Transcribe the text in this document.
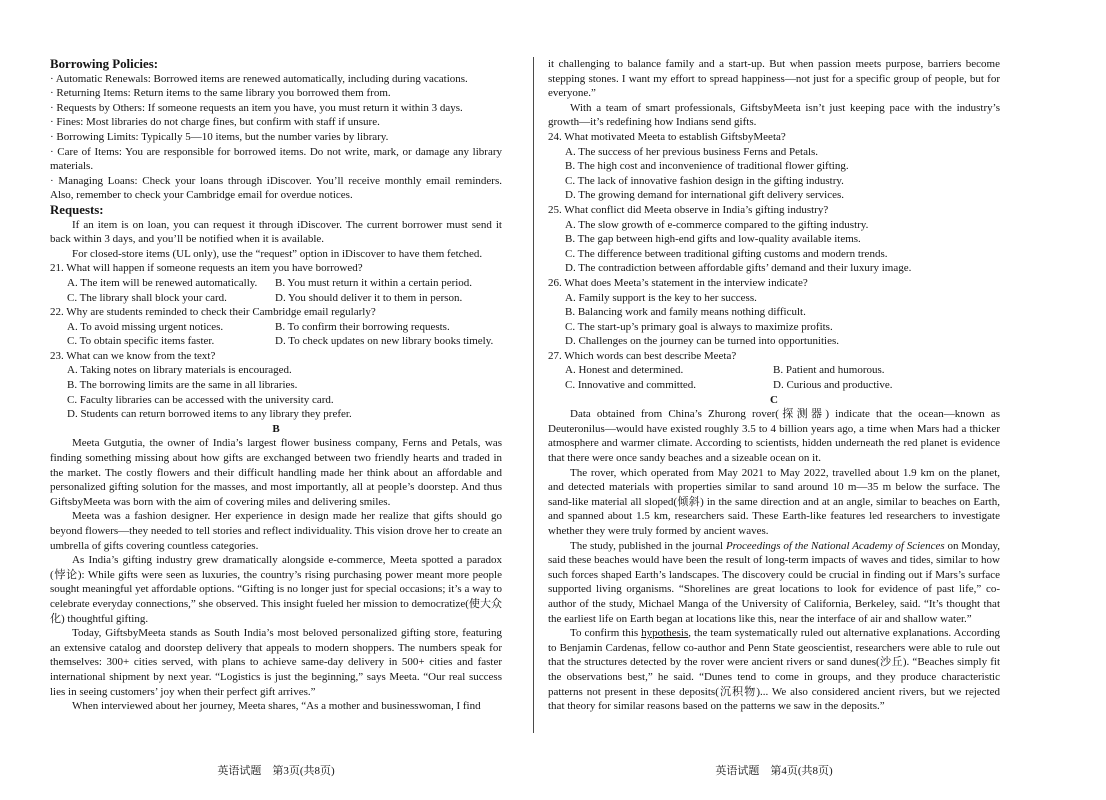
Borrowing Policies:

· Automatic Renewals: Borrowed items are renewed automatically, including during vacations.

· Returning Items: Return items to the same library you borrowed them from.

· Requests by Others: If someone requests an item you have, you must return it within 3 days.

· Fines: Most libraries do not charge fines, but confirm with staff if unsure.

· Borrowing Limits: Typically 5—10 items, but the number varies by library.

· Care of Items: You are responsible for borrowed items. Do not write, mark, or damage any library materials.

· Managing Loans: Check your loans through iDiscover. You’ll receive monthly email reminders. Also, remember to check your Cambridge email for overdue notices.

Requests:

If an item is on loan, you can request it through iDiscover. The current borrower must send it back within 3 days, and you’ll be notified when it is available.

For closed-store items (UL only), use the “request” option in iDiscover to have them fetched.

21. What will happen if someone requests an item you have borrowed?

A. The item will be renewed automatically.	B. You must return it within a certain period.
C. The library shall block your card.	D. You should deliver it to them in person.

22. Why are students reminded to check their Cambridge email regularly?

A. To avoid missing urgent notices.	B. To confirm their borrowing requests.
C. To obtain specific items faster.	D. To check updates on new library books timely.

23. What can we know from the text?

A. Taking notes on library materials is encouraged.
B. The borrowing limits are the same in all libraries.
C. Faculty libraries can be accessed with the university card.
D. Students can return borrowed items to any library they prefer.
B

Meeta Gutgutia, the owner of India’s largest flower business company, Ferns and Petals, was finding something missing about how gifts are exchanged between two friendly hearts and traded in the market. The costly flowers and their difficult handling made her think about an affordable and personalized gifting solution for the masses, and most importantly, all at people’s doorstep. And thus GiftsbyMeeta was born with the aim of covering miles and delivering smiles.

Meeta was a fashion designer. Her experience in design made her realize that gifts should go beyond flowers—they needed to tell stories and reflect individuality. This vision drove her to create an umbrella of gifts covering countless categories.

As India’s gifting industry grew dramatically alongside e-commerce, Meeta spotted a paradox (悖论): While gifts were seen as luxuries, the country’s rising purchasing power meant more people sought meaningful yet affordable options. “Gifting is no longer just for special occasions; it’s a way to celebrate everyday connections,” she observed. This insight fueled her mission to democratize(使大众化) thoughtful gifting.

Today, GiftsbyMeeta stands as South India’s most beloved personalized gifting store, featuring an extensive catalog and doorstep delivery that appeals to modern shoppers. The numbers speak for themselves: 300+ cities served, with plans to achieve same-day delivery in 500+ cities and faster international shipment by next year. “Logistics is just the beginning,” says Meeta. “Our real success lies in seeing customers’ joy when their perfect gift arrives.”

When interviewed about her journey, Meeta shares, “As a mother and businesswoman, I find

it challenging to balance family and a start-up. But when passion meets purpose, barriers become stepping stones. I want my effort to spread happiness—not just for a specific group of people, but for everyone.”

With a team of smart professionals, GiftsbyMeeta isn’t just keeping pace with the industry’s growth—it’s redefining how Indians send gifts.

24. What motivated Meeta to establish GiftsbyMeeta?

A. The success of her previous business Ferns and Petals.
B. The high cost and inconvenience of traditional flower gifting.
C. The lack of innovative fashion design in the gifting industry.
D. The growing demand for international gift delivery services.

25. What conflict did Meeta observe in India’s gifting industry?

A. The slow growth of e-commerce compared to the gifting industry.
B. The gap between high-end gifts and low-quality available items.
C. The difference between traditional gifting customs and modern trends.
D. The contradiction between affordable gifts’ demand and their luxury image.

26. What does Meeta’s statement in the interview indicate?

A. Family support is the key to her success.
B. Balancing work and family means nothing difficult.
C. The start-up’s primary goal is always to maximize profits.
D. Challenges on the journey can be turned into opportunities.

27. Which words can best describe Meeta?

A. Honest and determined.	B. Patient and humorous.
C. Innovative and committed.	D. Curious and productive.
C

Data obtained from China’s Zhurong rover(探测器) indicate that the ocean—known as Deuteronilus—would have existed roughly 3.5 to 4 billion years ago, a time when Mars had a thicker atmosphere and warmer climate. According to scientists, hidden underneath the red planet is evidence that there were once sandy beaches and a sizeable ocean on it.

The rover, which operated from May 2021 to May 2022, travelled about 1.9 km on the planet, and detected materials with properties similar to sand around 10 m—35 m below the surface. The sand-like material all sloped(倾斜) in the same direction and at an angle, similar to beaches on Earth, and spanned about 1.5 km, researchers said. These Earth-like features led researchers to investigate whether they were truly formed by ancient waves.

The study, published in the journal Proceedings of the National Academy of Sciences on Monday, said these beaches would have been the result of long-term impacts of waves and tides, similar to how such forces shaped Earth’s landscapes. The discovery could be crucial in finding out if Mars’s surface supported living organisms. “Shorelines are great locations to look for evidence of past life,” co-author of the study, Michael Manga of the University of California, Berkeley, said. “It’s thought that the earliest life on Earth began at locations like this, near the interface of air and shallow water.”

To confirm this hypothesis, the team systematically ruled out alternative explanations. According to Benjamin Cardenas, fellow co-author and Penn State geoscientist, researchers were able to rule out that the structures detected by the rover were ancient rivers or sand dunes(沙丘). “Beaches simply fit the observations best,” he said. “Dunes tend to come in groups, and they produce characteristic patterns not present in these deposits(沉积物)... We also considered ancient rivers, but we rejected that theory for similar reasons based on the patterns we saw in the deposits.”

英语试题　第3页(共8页)	英语试题　第4页(共8页)
